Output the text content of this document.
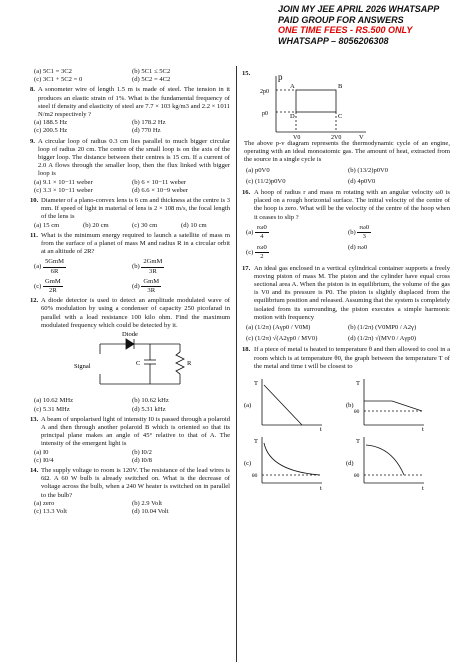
JOIN MY JEE APRIL 2026 WHATSAPP
PAID GROUP FOR ANSWERS
ONE TIME FEES - RS.500 ONLY
WHATSAPP – 8056206308
(a) 5C1 = 3C2	(b) 5C1 ≤ 5C2
(c) 3C1 + 5C2 = 0	(d) 5C2 = 4C2
8. A sonometer wire of length 1.5 m is made of steel. The tension in it produces an elastic strain of 1%. What is the fundamental frequency of steel if density and elasticity of steel are 7.7 × 103 kg/m3 and 2.2 × 1011 N/m2 respectively ?
(a) 188.5 Hz	(b) 178.2 Hz
(c) 200.5 Hz	(d) 770 Hz
9. A circular loop of radius 0.3 cm lies parallel to much bigger circular loop of radius 20 cm. The centre of the small loop is on the axis of the bigger loop. The distance between their centres is 15 cm. If a current of 2.0 A flows through the smaller loop, then the flux linked with bigger loop is
(a) 9.1 × 10−11 weber	(b) 6 × 10−11 weber
(c) 3.3 × 10−11 weber	(d) 6.6 × 10−9 weber
10. Diameter of a plano-convex lens is 6 cm and thickness at the centre is 3 mm. If speed of light in material of lens is 2 × 108 m/s, the focal length of the lens is
(a) 15 cm	(b) 20 cm	(c) 30 cm	(d) 10 cm
11. What is the minimum energy required to launch a satellite of mass m from the surface of a planet of mass M and radius R in a circular orbit at an altitude of 2R?
$(a) \frac{\text{5GmM}}{6R}$	$(b) \frac{\text{2GmM}}{3R}$
$(c) \frac{\text{GmM}}{2R}$	$(d) \frac{\text{GmM}}{3R}$
12. A diode detector is used to detect an amplitude modulated wave of 60% modulation by using a condenser of capacity 250 picofarad in parallel with a load resistance 100 kilo ohm. Find the maximum modulated frequency which could be detected by it.
Diode
Signal	C	R
(a) 10.62 MHz	(b) 10.62 kHz
(c) 5.31 MHz	(d) 5.31 kHz
13. A beam of unpolarised light of intensity I0 is passed through a polaroid A and then through another polaroid B which is oriented so that its principal plane makes an angle of 45° relative to that of A. The intensity of the emergent light is
(a) I0	(b) I0/2
(c) I0/4	(d) I0/8
14. The supply voltage to room is 120V. The resistance of the lead wires is 6Ω. A 60 W bulb is already switched on. What is the decrease of voltage across the bulb, when a 240 W heater is switched on in parallel to the bulb?
(a) zero	(b) 2.9 Volt
(c) 13.3 Volt	(d) 10.04 Volt
15.	p
2p0
p0
A	B
C
D
V0	2V0	V
The above p-v diagram represents the thermodynamic cycle of an engine, operating with an ideal monoatomic gas. The amount of heat, extracted from the source in a single cycle is
(a) p0V0	(b) (13/2)p0V0
(c) (11/2)p0V0	(d) 4p0V0
16. A hoop of radius r and mass m rotating with an angular velocity ω0 is placed on a rough horizontal surface. The initial velocity of the centre of the hoop is zero. What will be the velocity of the centre of the hoop when it ceases to slip ?
$(a) \frac{r\omega 0}{4}$	$(b) \frac{r\omega 0}{3}$
$(c) \frac{r\omega 0}{2}$	(d) rω0
17. An ideal gas enclosed in a vertical cylindrical container supports a freely moving piston of mass M. The piston and the cylinder have equal cross sectional area A. When the piston is in equilibrium, the volume of the gas is V0 and its pressure is P0. The piston is slightly displaced from the equilibrium position and released. Assuming that the system is completely isolated from its surrounding, the piston executes a simple harmonic motion with frequency
(a) (1/2π) (Aγp0 / V0M)	(b) (1/2π) (V0MP0 / A2γ)
(c) (1/2π) √(A2γp0 / MV0)	(d) (1/2π) √(MV0 / Aγp0)
18. If a piece of metal is heated to temperature θ and then allowed to cool in a room which is at temperature θ0, the graph between the temperature T of the metal and time t will be closest to
(a)
T
t
(b)
T
θ0
t
(c)
T
θ0
t
(d)
T
θ0
t
